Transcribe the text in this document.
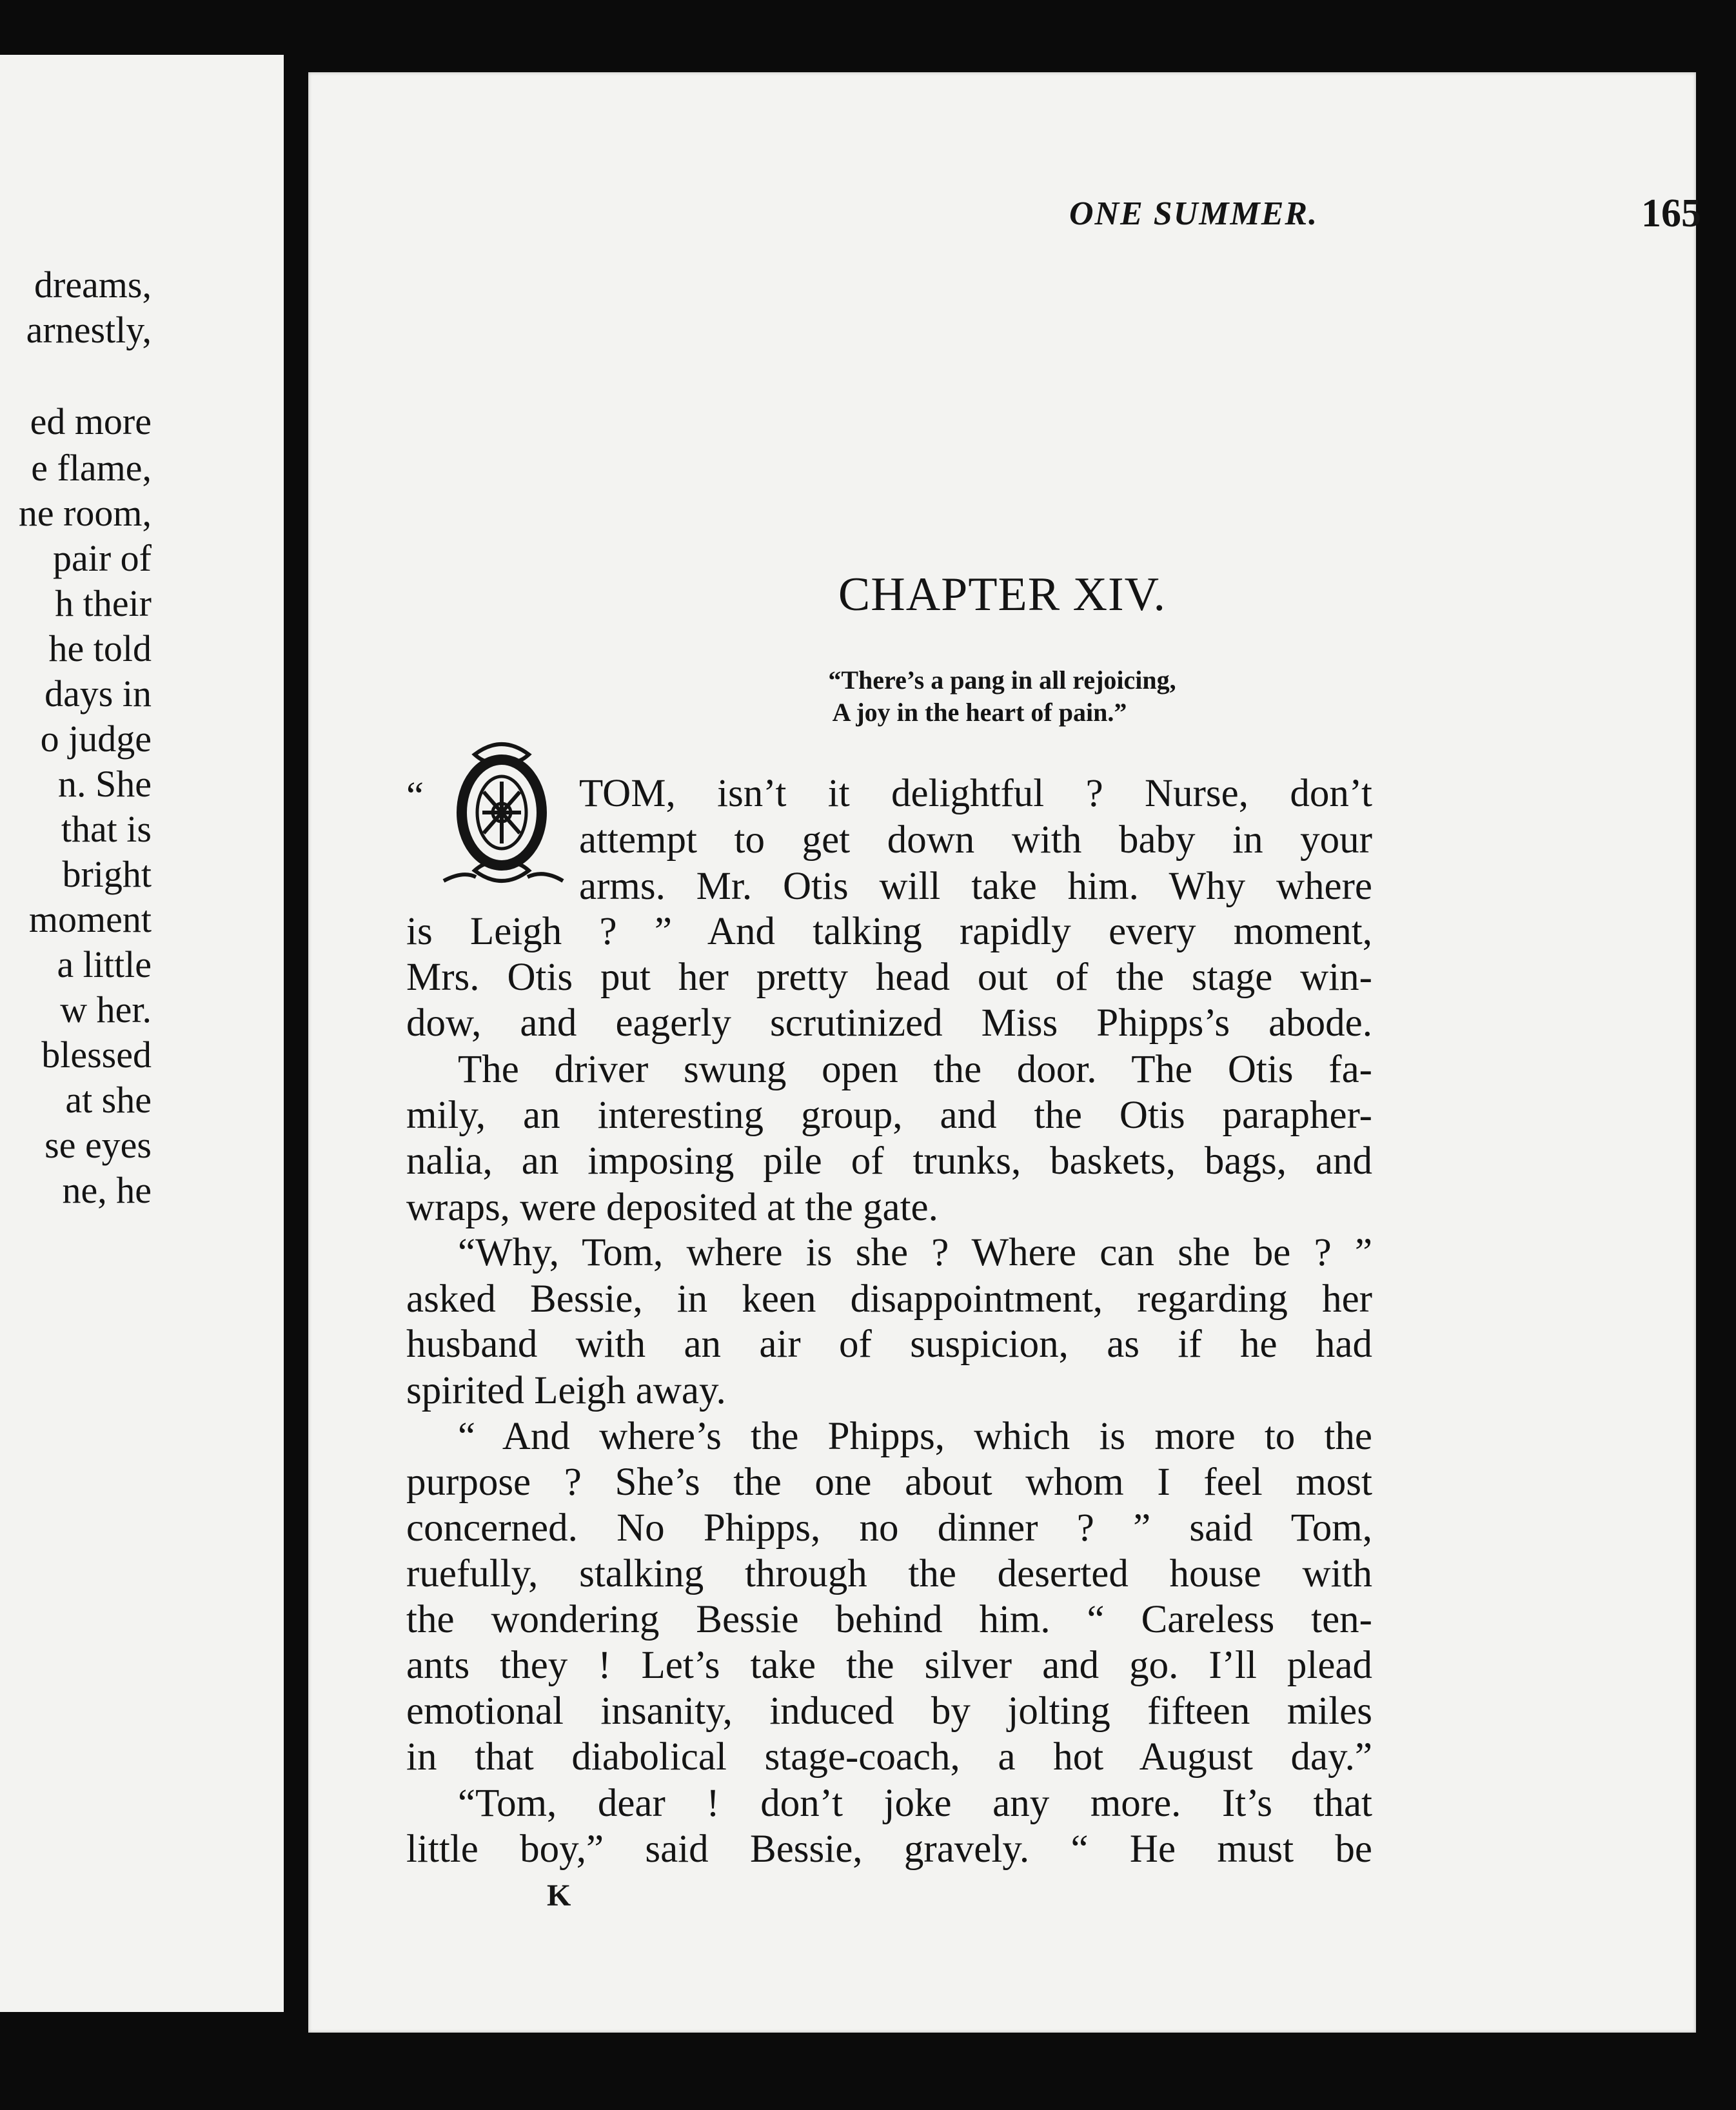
dreams,
arnestly,
ed more
e flame,
ne room,
pair of
h their
he told
days in
o judge
n. She
that is
bright
moment
a little
w her.
blessed
at she
se eyes
ne, he
ONE SUMMER.	165
CHAPTER XIV.
“There’s a pang in all rejoicing,
A joy in the heart of pain.”
“	TOM, isn’t it delightful ? Nurse, don’t
attempt to get down with baby in your
arms. Mr. Otis will take him. Why where
is Leigh ? ” And talking rapidly every moment,
Mrs. Otis put her pretty head out of the stage win-
dow, and eagerly scrutinized Miss Phipps’s abode.
The driver swung open the door. The Otis fa-
mily, an interesting group, and the Otis parapher-
nalia, an imposing pile of trunks, baskets, bags, and
wraps, were deposited at the gate.
“Why, Tom, where is she ? Where can she be ? ”
asked Bessie, in keen disappointment, regarding her
husband with an air of suspicion, as if he had
spirited Leigh away.
“ And where’s the Phipps, which is more to the
purpose ? She’s the one about whom I feel most
concerned. No Phipps, no dinner ? ” said Tom,
ruefully, stalking through the deserted house with
the wondering Bessie behind him. “ Careless ten-
ants they ! Let’s take the silver and go. I’ll plead
emotional insanity, induced by jolting fifteen miles
in that diabolical stage-coach, a hot August day.”
“Tom, dear ! don’t joke any more. It’s that
little boy,” said Bessie, gravely. “ He must be
K
